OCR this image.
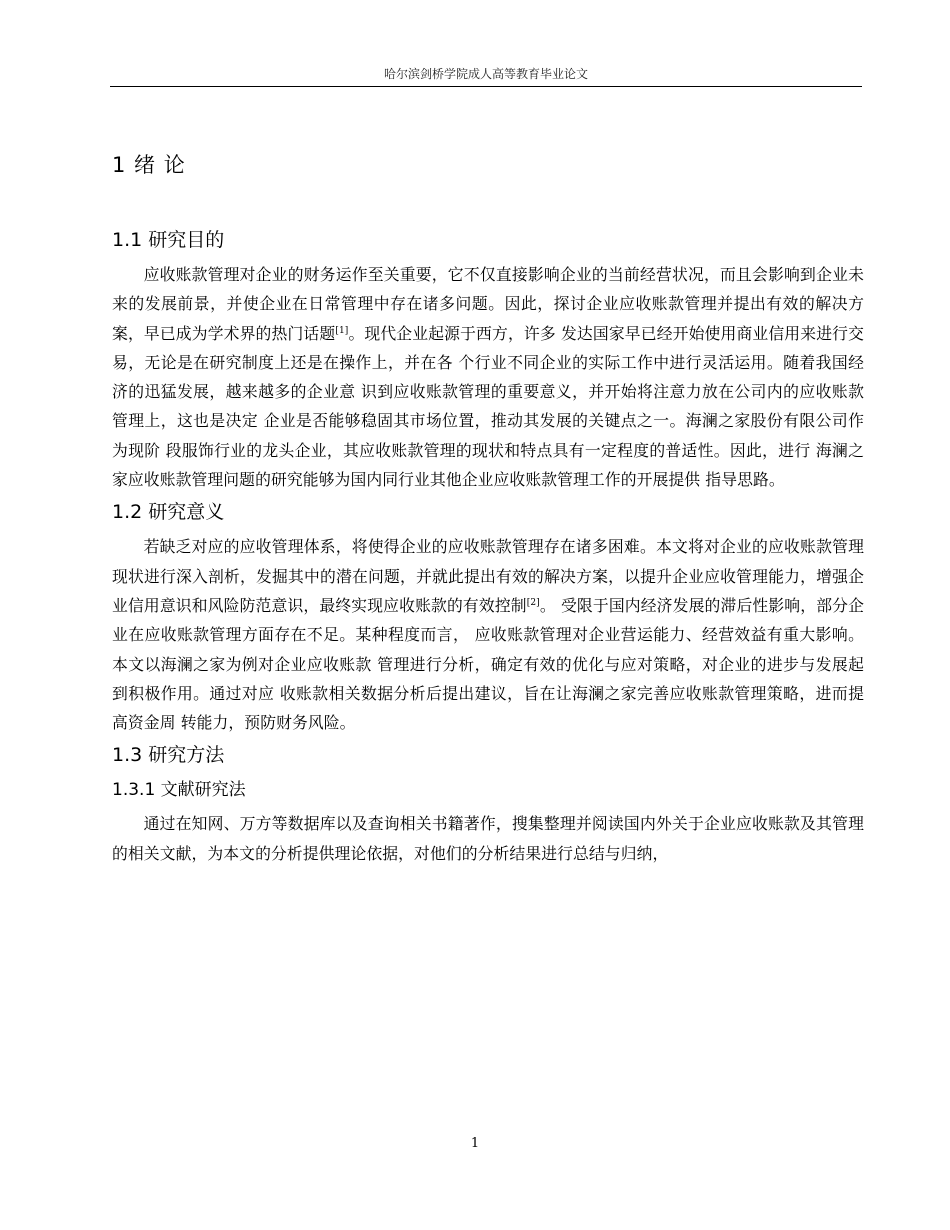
哈尔滨剑桥学院成人高等教育毕业论文
1 绪 论
1.1 研究目的

应收账款管理对企业的财务运作至关重要，它不仅直接影响企业的当前经营状况，而且会影响到企业未来的发展前景，并使企业在日常管理中存在诸多问题。因此，探讨企业应收账款管理并提出有效的解决方案，早已成为学术界的热门话题[1]。现代企业起源于西方，许多 发达国家早已经开始使用商业信用来进行交易，无论是在研究制度上还是在操作上，并在各 个行业不同企业的实际工作中进行灵活运用。随着我国经济的迅猛发展，越来越多的企业意 识到应收账款管理的重要意义，并开始将注意力放在公司内的应收账款管理上，这也是决定 企业是否能够稳固其市场位置，推动其发展的关键点之一。海澜之家股份有限公司作为现阶 段服饰行业的龙头企业，其应收账款管理的现状和特点具有一定程度的普适性。因此，进行 海澜之家应收账款管理问题的研究能够为国内同行业其他企业应收账款管理工作的开展提供 指导思路。

1.2 研究意义

若缺乏对应的应收管理体系，将使得企业的应收账款管理存在诸多困难。本文将对企业的应收账款管理现状进行深入剖析，发掘其中的潜在问题，并就此提出有效的解决方案，以提升企业应收管理能力，增强企业信用意识和风险防范意识，最终实现应收账款的有效控制[2]。 受限于国内经济发展的滞后性影响，部分企业在应收账款管理方面存在不足。某种程度而言， 应收账款管理对企业营运能力、经营效益有重大影响。本文以海澜之家为例对企业应收账款 管理进行分析，确定有效的优化与应对策略，对企业的进步与发展起到积极作用。通过对应 收账款相关数据分析后提出建议，旨在让海澜之家完善应收账款管理策略，进而提高资金周 转能力，预防财务风险。

1.3 研究方法
1.3.1 文献研究法

通过在知网、万方等数据库以及查询相关书籍著作，搜集整理并阅读国内外关于企业应收账款及其管理的相关文献，为本文的分析提供理论依据，对他们的分析结果进行总结与归纳，

1
